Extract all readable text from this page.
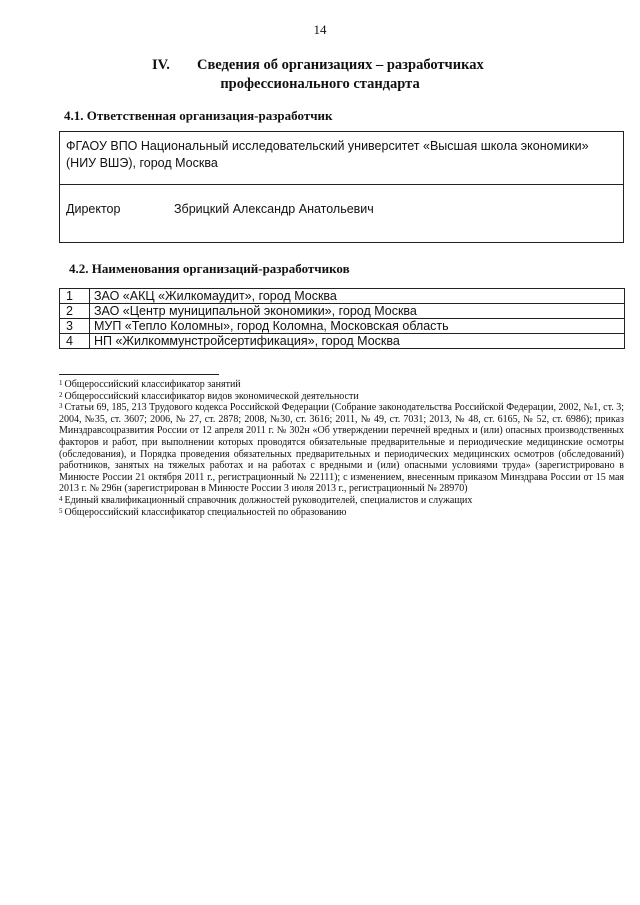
14
IV. Сведения об организациях – разработчиках
профессионального стандарта
4.1. Ответственная организация-разработчик
ФГАОУ ВПО Национальный исследовательский университет «Высшая школа экономики» (НИУ ВШЭ), город Москва
Директор	Збрицкий Александр Анатольевич
4.2. Наименования организаций-разработчиков
1	ЗАО «АКЦ «Жилкомаудит», город Москва
2	ЗАО «Центр муниципальной экономики», город Москва
3	МУП «Тепло Коломны», город Коломна, Московская область
4	НП «Жилкоммунстройсертификация», город Москва

$^1$ Общероссийский классификатор занятий

$^2$ Общероссийский классификатор видов экономической деятельности

$^3$ Статьи 69, 185, 213 Трудового кодекса Российской Федерации (Собрание законодательства Российской Федерации, 2002, №1, ст. 3; 2004, №35, ст. 3607; 2006, № 27, ст. 2878; 2008, №30, ст. 3616; 2011, № 49, ст. 7031; 2013, № 48, ст. 6165, № 52, ст. 6986); приказ Минздравсоцразвития России от 12 апреля 2011 г. № 302н «Об утверждении перечней вредных и (или) опасных производственных факторов и работ, при выполнении которых проводятся обязательные предварительные и периодические медицинские осмотры (обследования), и Порядка проведения обязательных предварительных и периодических медицинских осмотров (обследований) работников, занятых на тяжелых работах и на работах с вредными и (или) опасными условиями труда» (зарегистрировано в Минюсте России 21 октября 2011 г., регистрационный № 22111); с изменением, внесенным приказом Минздрава России от 15 мая 2013 г. № 296н (зарегистрирован в Минюсте России 3 июля 2013 г., регистрационный № 28970)

$^4$ Единый квалификационный справочник должностей руководителей, специалистов и служащих

$^5$ Общероссийский классификатор специальностей по образованию
